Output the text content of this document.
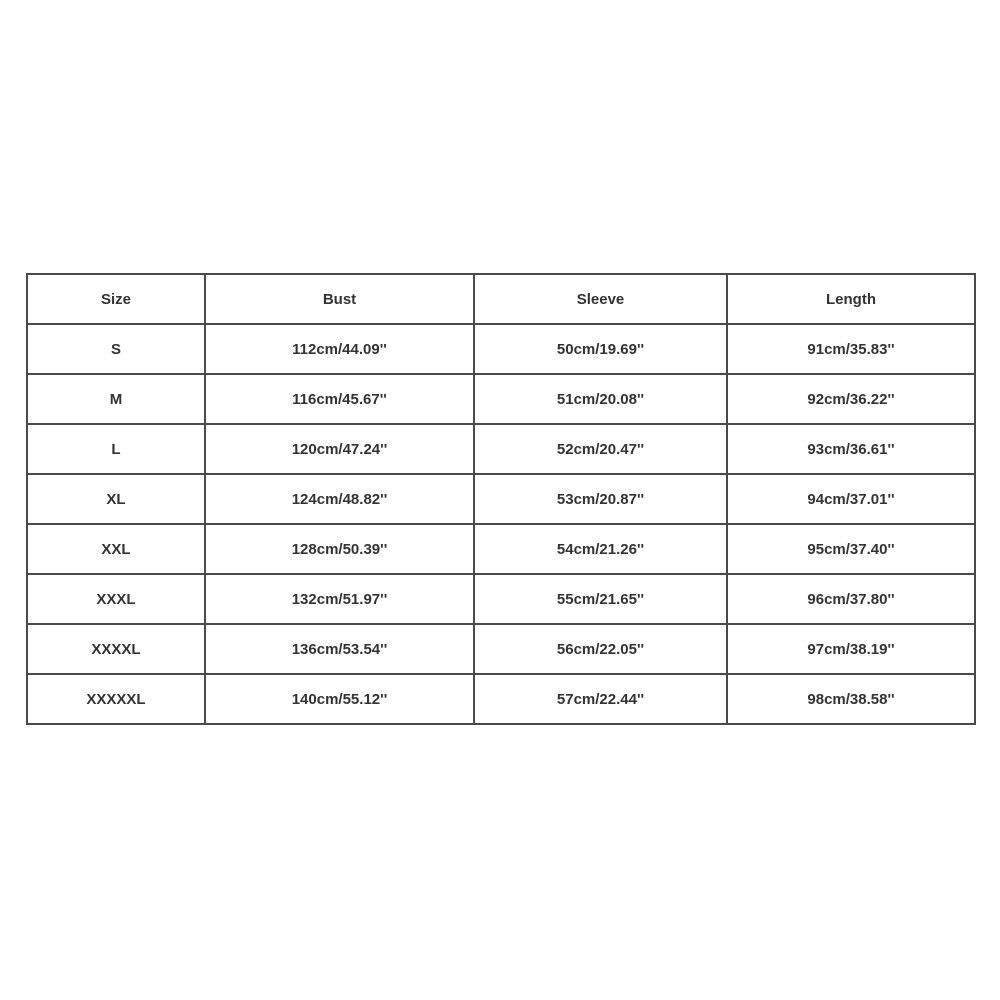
Size	Bust	Sleeve	Length
S	112cm/44.09''	50cm/19.69''	91cm/35.83''
M	116cm/45.67''	51cm/20.08''	92cm/36.22''
L	120cm/47.24''	52cm/20.47''	93cm/36.61''
XL	124cm/48.82''	53cm/20.87''	94cm/37.01''
XXL	128cm/50.39''	54cm/21.26''	95cm/37.40''
XXXL	132cm/51.97''	55cm/21.65''	96cm/37.80''
XXXXL	136cm/53.54''	56cm/22.05''	97cm/38.19''
XXXXXL	140cm/55.12''	57cm/22.44''	98cm/38.58''
